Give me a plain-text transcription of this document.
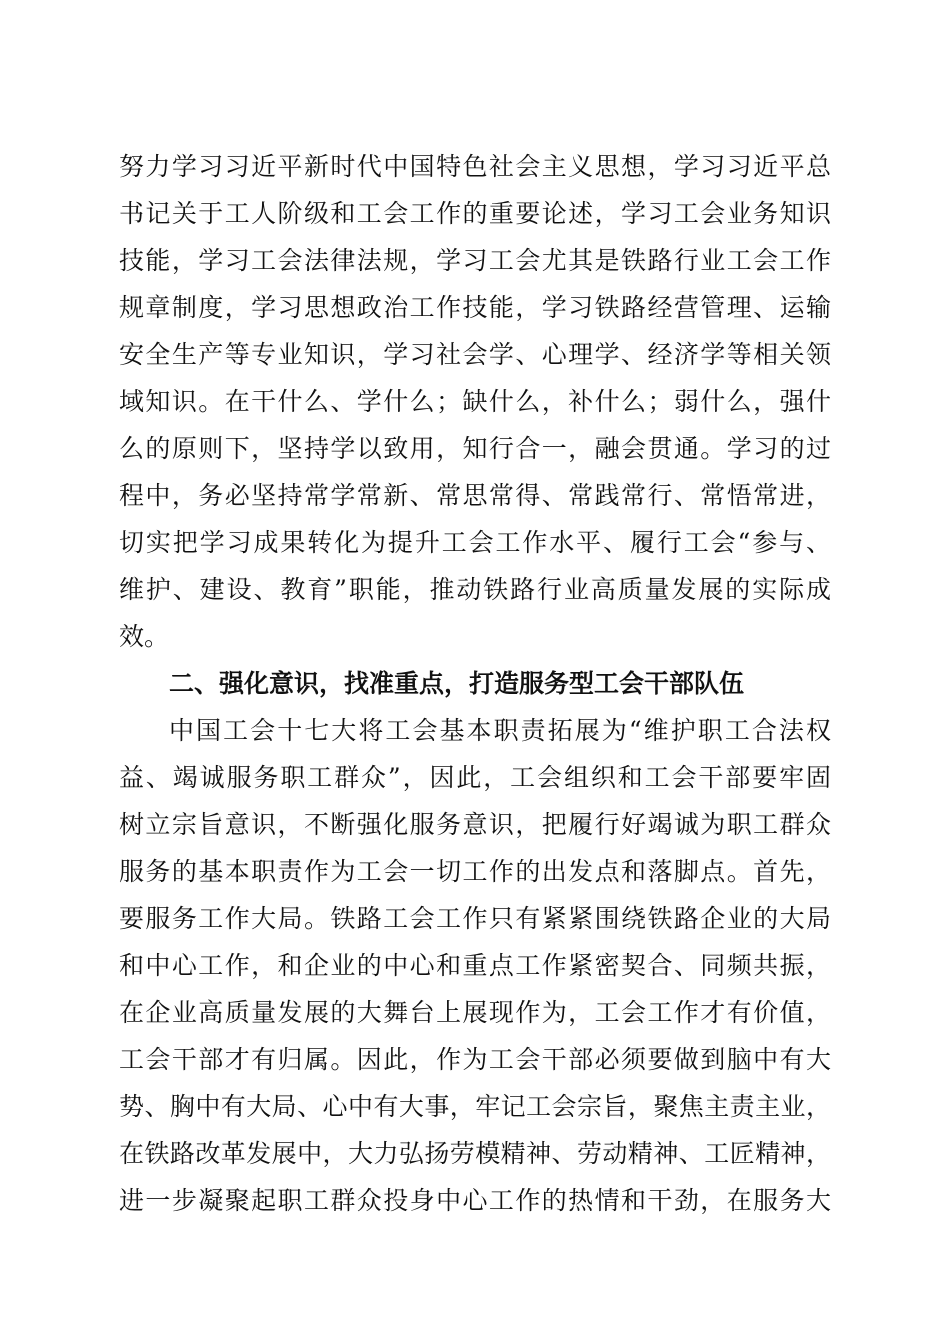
努力学习习近平新时代中国特色社会主义思想，学习习近平总
书记关于工人阶级和工会工作的重要论述，学习工会业务知识
技能，学习工会法律法规，学习工会尤其是铁路行业工会工作
规章制度，学习思想政治工作技能，学习铁路经营管理、运输
安全生产等专业知识，学习社会学、心理学、经济学等相关领
域知识。在干什么、学什么；缺什么，补什么；弱什么，强什
么的原则下，坚持学以致用，知行合一，融会贯通。学习的过
程中，务必坚持常学常新、常思常得、常践常行、常悟常进，
切实把学习成果转化为提升工会工作水平、履行工会“参与、
维护、建设、教育”职能，推动铁路行业高质量发展的实际成
效。
二、强化意识，找准重点，打造服务型工会干部队伍
中国工会十七大将工会基本职责拓展为“维护职工合法权
益、竭诚服务职工群众”，因此，工会组织和工会干部要牢固
树立宗旨意识，不断强化服务意识，把履行好竭诚为职工群众
服务的基本职责作为工会一切工作的出发点和落脚点。首先，
要服务工作大局。铁路工会工作只有紧紧围绕铁路企业的大局
和中心工作，和企业的中心和重点工作紧密契合、同频共振，
在企业高质量发展的大舞台上展现作为，工会工作才有价值，
工会干部才有归属。因此，作为工会干部必须要做到脑中有大
势、胸中有大局、心中有大事，牢记工会宗旨，聚焦主责主业，
在铁路改革发展中，大力弘扬劳模精神、劳动精神、工匠精神，
进一步凝聚起职工群众投身中心工作的热情和干劲，在服务大
